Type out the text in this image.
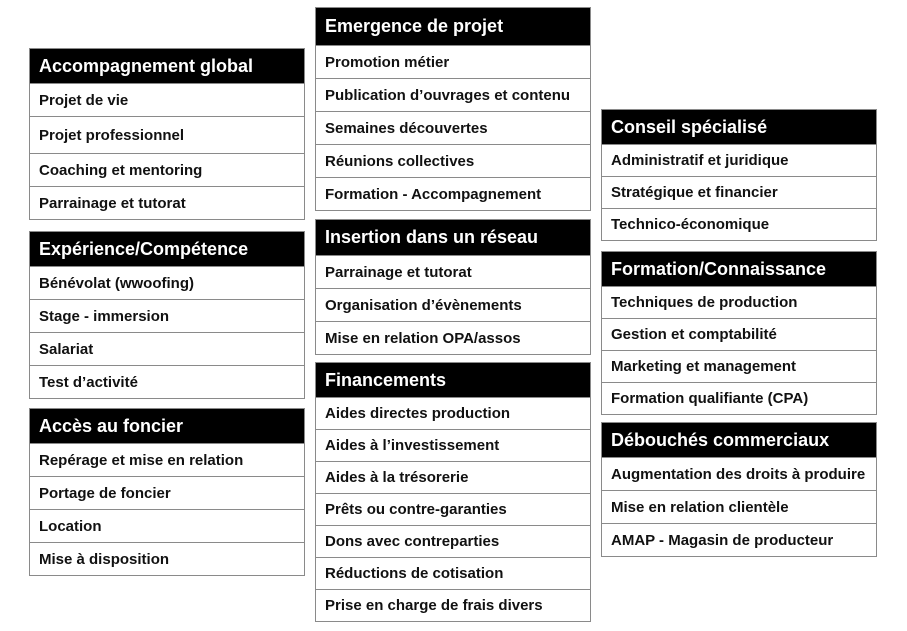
Accompagnement global
Projet de vie
Projet professionnel
Coaching et mentoring
Parrainage et tutorat
Expérience/Compétence
Bénévolat (wwoofing)
Stage - immersion
Salariat
Test d’activité
Accès au foncier
Repérage et mise en relation
Portage de foncier
Location
Mise à disposition
Emergence de projet
Promotion métier
Publication d’ouvrages et contenu
Semaines découvertes
Réunions collectives
Formation - Accompagnement
Insertion dans un réseau
Parrainage et tutorat
Organisation d’évènements
Mise en relation OPA/assos
Financements
Aides directes production
Aides à l’investissement
Aides à la trésorerie
Prêts ou contre-garanties
Dons avec contreparties
Réductions de cotisation
Prise en charge de frais divers
Conseil spécialisé
Administratif et juridique
Stratégique et financier
Technico-économique
Formation/Connaissance
Techniques de production
Gestion et comptabilité
Marketing et management
Formation qualifiante (CPA)
Débouchés commerciaux
Augmentation des droits à produire
Mise en relation clientèle
AMAP - Magasin de producteur
